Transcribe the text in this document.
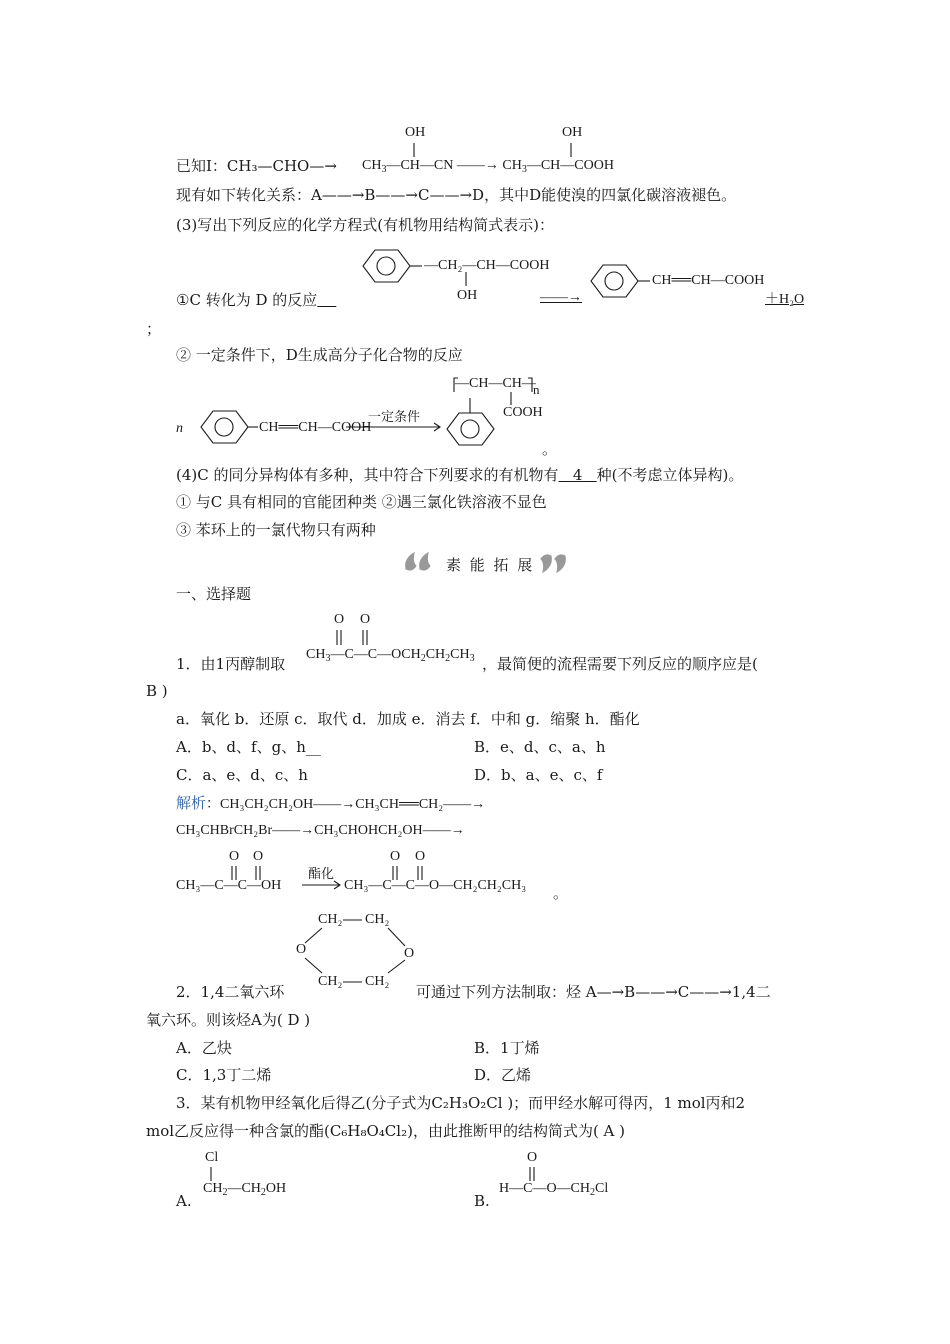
OH	OH
已知Ⅰ：CH₃—CHO—→ $CH_3—CH—CN$ ——→ $CH_3—CH—COOH$
现有如下转化关系：A——→B——→C——→D，其中D能使溴的四氯化碳溶液褪色。
(3)写出下列反应的化学方程式(有机物用结构简式表示)：
—CH₂—CH—COOH
OH
①C 转化为 D 的反应	——→
CH══CH—COOH
＋H₂O
；
② 一定条件下，D生成高分子化合物的反应
—CH—CH—
n
COOH
n	CH══CH—COOH
一定条件
。
(4)C 的同分异构体有多种，其中符合下列要求的有机物有 4 种(不考虑立体异构)。
① 与C 具有相同的官能团种类 ②遇三氯化铁溶液不显色
③ 苯环上的一氯代物只有两种
素 能 拓 展
一、选择题
O O
1．由1丙醇制取
$CH_3—C—C—OCH_2CH_2CH_3$ ，最简便的流程需要下列反应的顺序应是(
B )
a．氧化 b．还原 c．取代 d．加成 e．消去 f．中和 g．缩聚 h．酯化
A．b、d、f、g、h__	B．e、d、c、a、h
C．a、e、d、c、h	D．b、a、e、c、f
解析：CH₃CH₂CH₂OH——→CH₃CH══CH₂——→
CH₃CHBrCH₂Br——→CH₃CHOHCH₂OH——→
O O	O O
CH₃—C—C—OH
酯化
CH₃—C—C—O—CH₂CH₂CH₃ 。
CH₂ CH₂
O	O
CH₂ CH₂
2．1,4二氧六环	可通过下列方法制取：烃 A—→B——→C——→1,4二
氧六环。则该烃A为( D )
A．乙炔	B．1丁烯
C．1,3丁二烯	D．乙烯
3．某有机物甲经氧化后得乙(分子式为C₂H₃O₂Cl )；而甲经水解可得丙，1 mol丙和2
mol乙反应得一种含氯的酯(C₆H₈O₄Cl₂)，由此推断甲的结构简式为( A )
Cl	O
A.
$CH_2—CH_2OH$
B.
$H—C—O—CH_2Cl$
